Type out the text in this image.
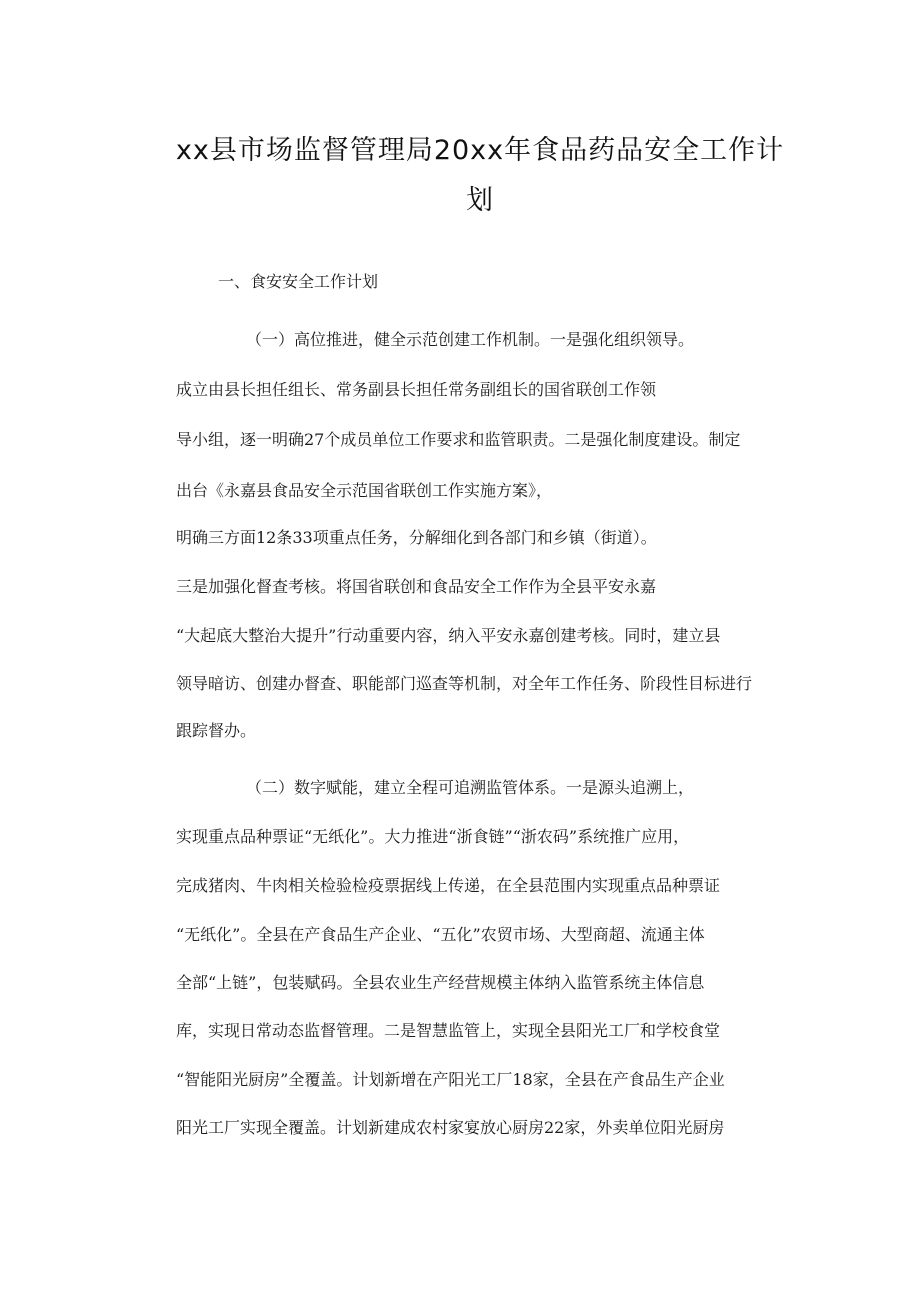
xx县市场监督管理局20xx年食品药品安全工作计
划

一、食安安全工作计划

（一）高位推进，健全示范创建工作机制。一是强化组织领导。

成立由县长担任组长、常务副县长担任常务副组长的国省联创工作领

导小组，逐一明确27个成员单位工作要求和监管职责。二是强化制度建设。制定

出台《永嘉县食品安全示范国省联创工作实施方案》，

明确三方面12条33项重点任务，分解细化到各部门和乡镇（街道）。

三是加强化督查考核。将国省联创和食品安全工作作为全县平安永嘉

“大起底大整治大提升”行动重要内容，纳入平安永嘉创建考核。同时，建立县

领导暗访、创建办督查、职能部门巡查等机制，对全年工作任务、阶段性目标进行

跟踪督办。

（二）数字赋能，建立全程可追溯监管体系。一是源头追溯上，

实现重点品种票证“无纸化”。大力推进“浙食链”“浙农码”系统推广应用，

完成猪肉、牛肉相关检验检疫票据线上传递，在全县范围内实现重点品种票证

“无纸化”。全县在产食品生产企业、“五化”农贸市场、大型商超、流通主体

全部“上链”，包装赋码。全县农业生产经营规模主体纳入监管系统主体信息

库，实现日常动态监督管理。二是智慧监管上，实现全县阳光工厂和学校食堂

“智能阳光厨房”全覆盖。计划新增在产阳光工厂18家，全县在产食品生产企业

阳光工厂实现全覆盖。计划新建成农村家宴放心厨房22家，外卖单位阳光厨房
